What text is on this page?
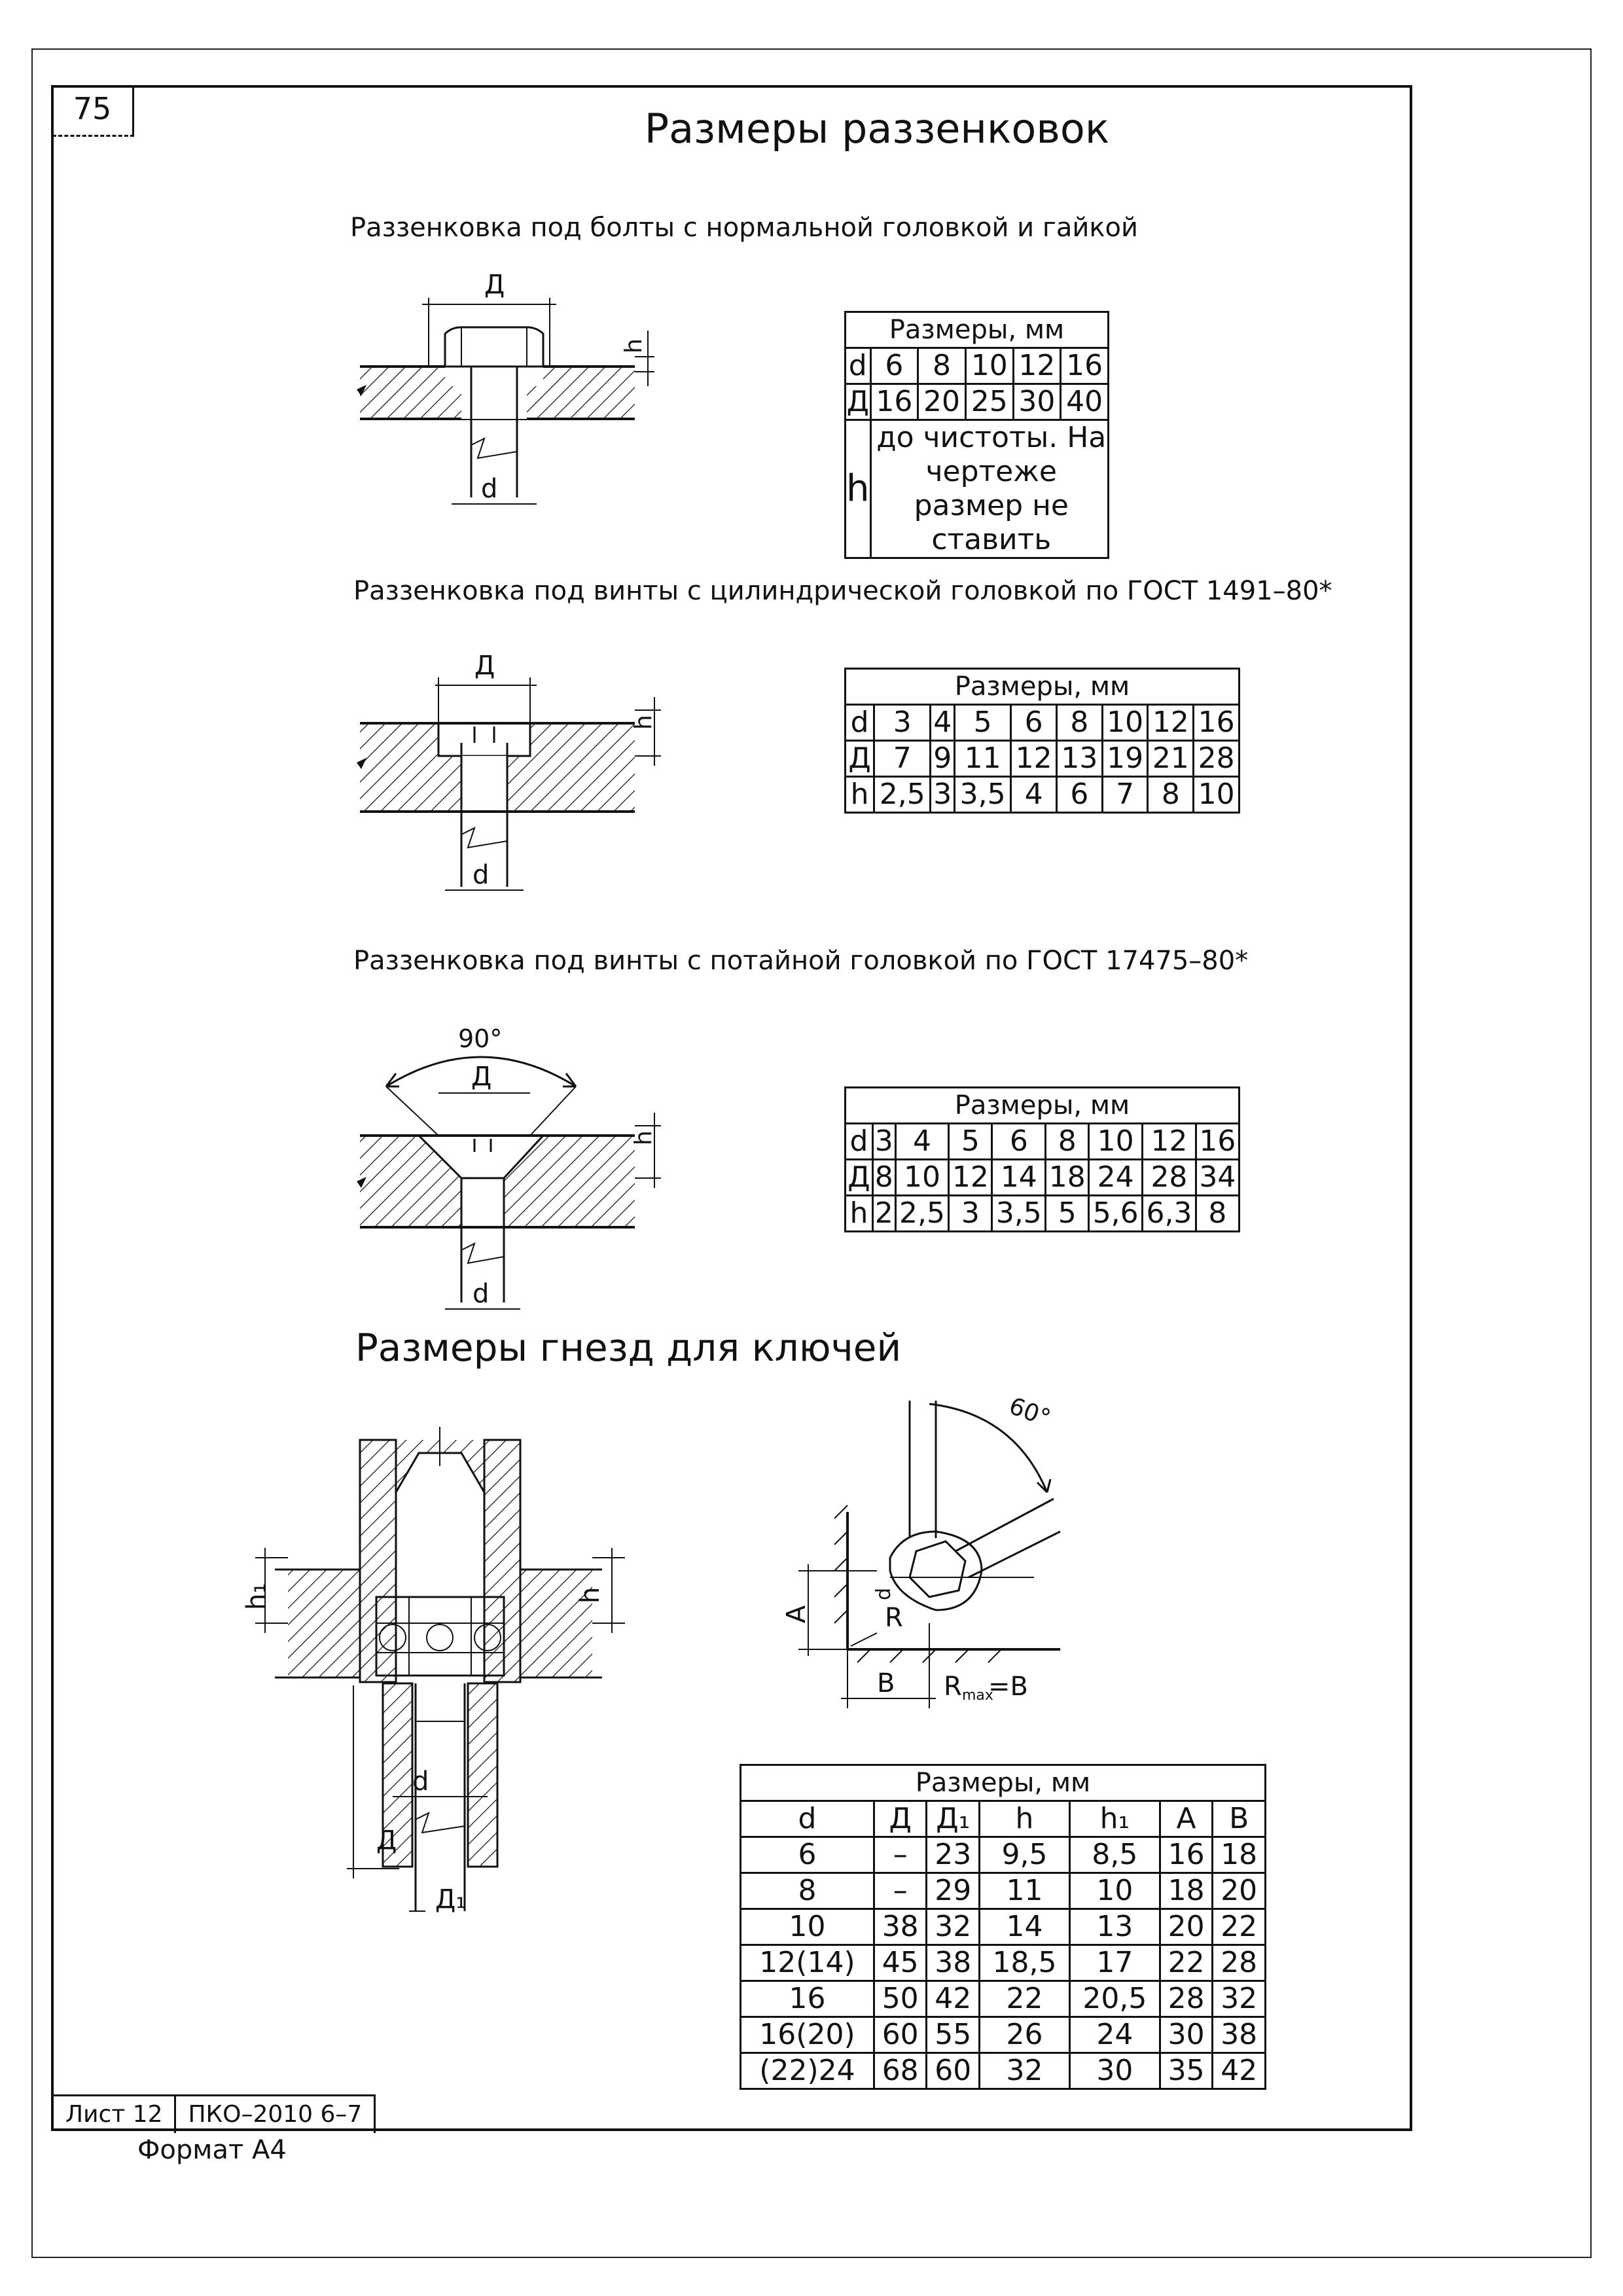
75	Размеры раззенковок
Раззенковка под болты с нормальной головкой и гайкой
Д
h
d
Размеры, мм					
d	6	8	10	12	16
Д	16	20	25	30	40
h	до чистоты. На чертеже размер не ставить				
Раззенковка под винты с цилиндрической головкой по ГОСТ 1491–80*
Д
h
d
Размеры, мм								
d	3	4	5	6	8	10	12	16
Д	7	9	11	12	13	19	21	28
h	2,5	3	3,5	4	6	7	8	10
Раззенковка под винты с потайной головкой по ГОСТ 17475–80*
90°
Д
h
d
Размеры, мм								
d	3	4	5	6	8	10	12	16
Д	8	10	12	14	18	24	28	34
h	2	2,5	3	3,5	5	5,6	6,3	8
Размеры гнезд для ключей
h₁	h
d
Д
Д₁
60°
A	R
d
B R max
=B
Размеры, мм						
d	Д	Д₁	h	h₁	A	B
6	–	23	9,5	8,5	16	18
8	–	29	11	10	18	20
10	38	32	14	13	20	22
12(14)	45	38	18,5	17	22	28
16	50	42	22	20,5	28	32
16(20)	60	55	26	24	30	38
(22)24	68	60	32	30	35	42
Лист 12	ПКО–2010 6–7
Формат А4
